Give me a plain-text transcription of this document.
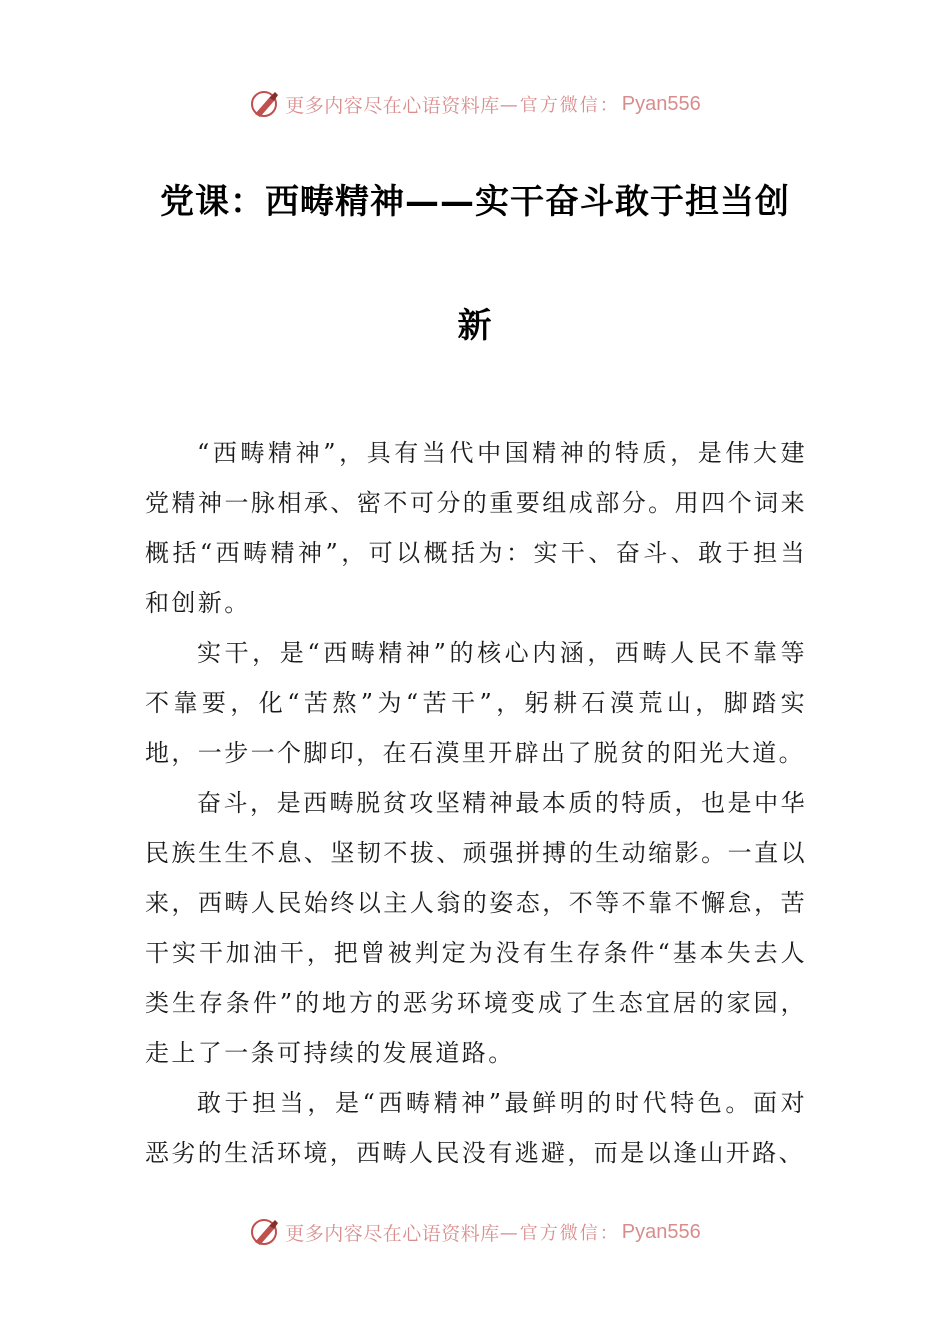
更多内容尽在心语资料库 —官方微信： Pyan556
党课：西畴精神——实干奋斗敢于担当创
新

“西畴精神”，具有当代中国精神的特质，是伟大建党精神一脉相承、密不可分的重要组成部分。用四个词来概括“西畴精神”，可以概括为：实干、奋斗、敢于担当和创新。

实干，是“西畴精神”的核心内涵，西畴人民不靠等不靠要，化“苦熬”为“苦干”，躬耕石漠荒山，脚踏实地，一步一个脚印，在石漠里开辟出了脱贫的阳光大道。

奋斗，是西畴脱贫攻坚精神最本质的特质，也是中华民族生生不息、坚韧不拔、顽强拼搏的生动缩影。一直以来，西畴人民始终以主人翁的姿态，不等不靠不懈怠，苦干实干加油干，把曾被判定为没有生存条件“基本失去人类生存条件”的地方的恶劣环境变成了生态宜居的家园，走上了一条可持续的发展道路。

敢于担当，是“西畴精神”最鲜明的时代特色。面对恶劣的生活环境，西畴人民没有逃避，而是以逢山开路、

更多内容尽在心语资料库 —官方微信： Pyan556
